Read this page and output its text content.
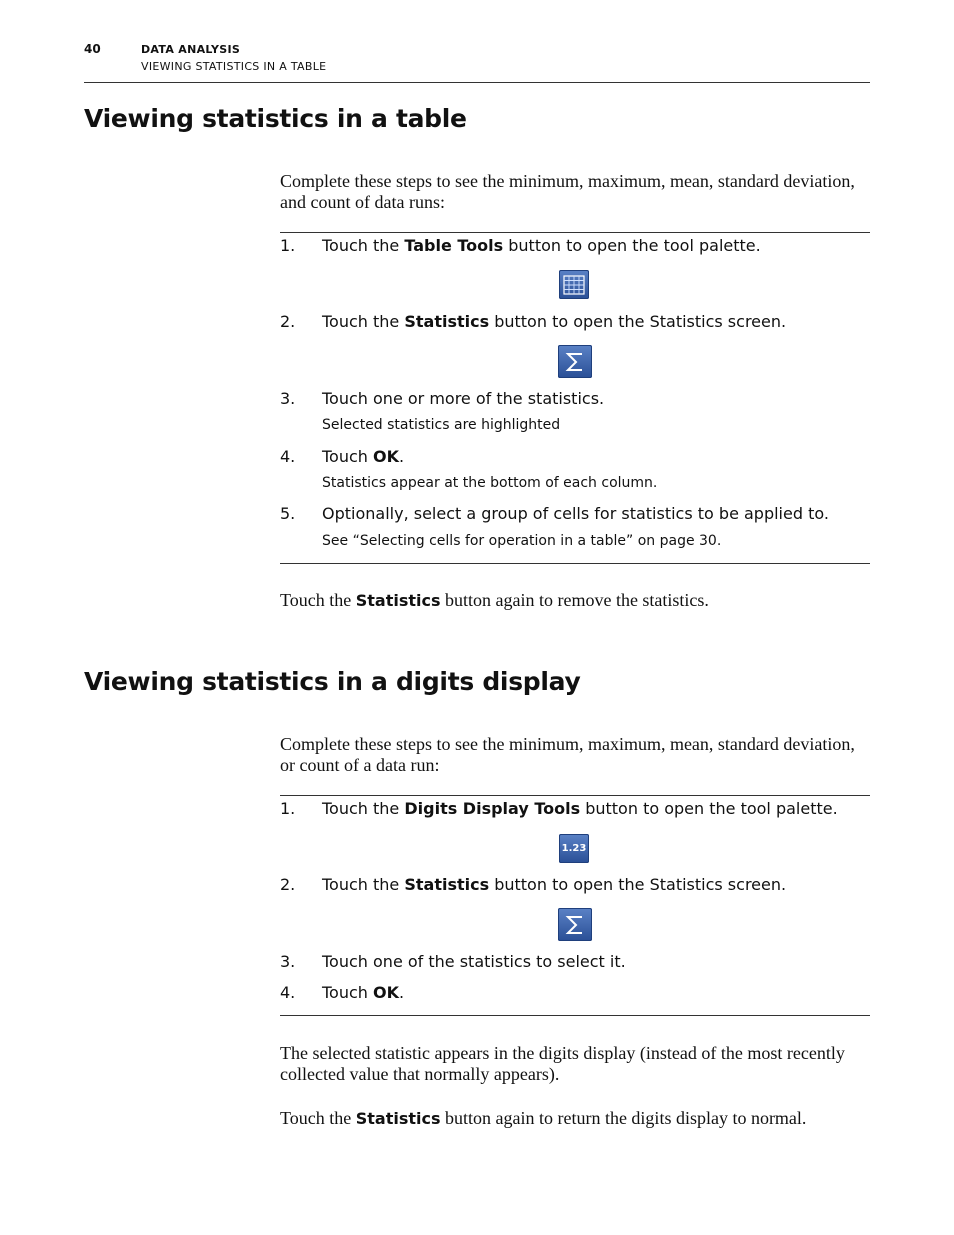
40	DATA ANALYSIS
VIEWING STATISTICS IN A TABLE
Viewing statistics in a table

Complete these steps to see the minimum, maximum, mean, standard deviation, and count of data runs:

1. Touch the Table Tools button to open the tool palette.
2. Touch the Statistics button to open the Statistics screen.
3. Touch one or more of the statistics.
Selected statistics are highlighted
4. Touch OK.
Statistics appear at the bottom of each column.
5. Optionally, select a group of cells for statistics to be applied to.
See “Selecting cells for operation in a table” on page 30.

Touch the Statistics button again to remove the statistics.

Viewing statistics in a digits display

Complete these steps to see the minimum, maximum, mean, standard deviation, or count of a data run:

1. Touch the Digits Display Tools button to open the tool palette.
1.23
2. Touch the Statistics button to open the Statistics screen.
3. Touch one of the statistics to select it.
4. Touch OK.

The selected statistic appears in the digits display (instead of the most recently collected value that normally appears).

Touch the Statistics button again to return the digits display to normal.
